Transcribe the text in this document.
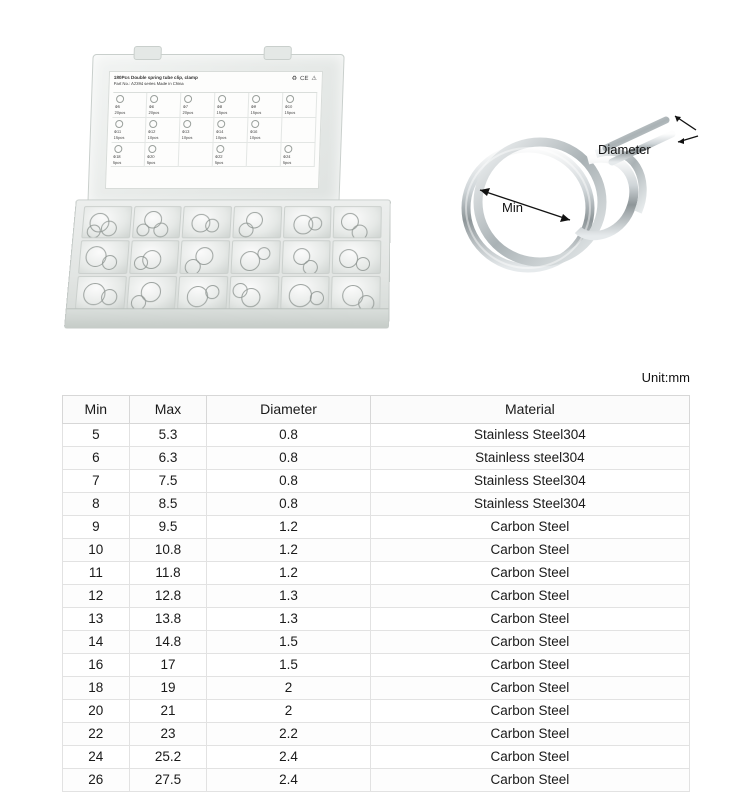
♻ CE ⚠
180Pcs Double spring tube clip, clamp
Part No.: A2394 series Made in China
Ф5
20pcs
Ф6
20pcs
Ф7
20pcs
Ф8
15pcs
Ф9
15pcs
Ф10
15pcs
Ф11
15pcs
Ф12
10pcs
Ф13
10pcs
Ф14
10pcs
Ф16
10pcs
Ф18
5pcs
Ф20
5pcs
Ф22
5pcs
Ф24
5pcs
Diameter
Min
Unit:mm
Min	Max	Diameter	Material
5	5.3	0.8	Stainless Steel304
6	6.3	0.8	Stainless steel304
7	7.5	0.8	Stainless Steel304
8	8.5	0.8	Stainless Steel304
9	9.5	1.2	Carbon Steel
10	10.8	1.2	Carbon Steel
11	11.8	1.2	Carbon Steel
12	12.8	1.3	Carbon Steel
13	13.8	1.3	Carbon Steel
14	14.8	1.5	Carbon Steel
16	17	1.5	Carbon Steel
18	19	2	Carbon Steel
20	21	2	Carbon Steel
22	23	2.2	Carbon Steel
24	25.2	2.4	Carbon Steel
26	27.5	2.4	Carbon Steel
